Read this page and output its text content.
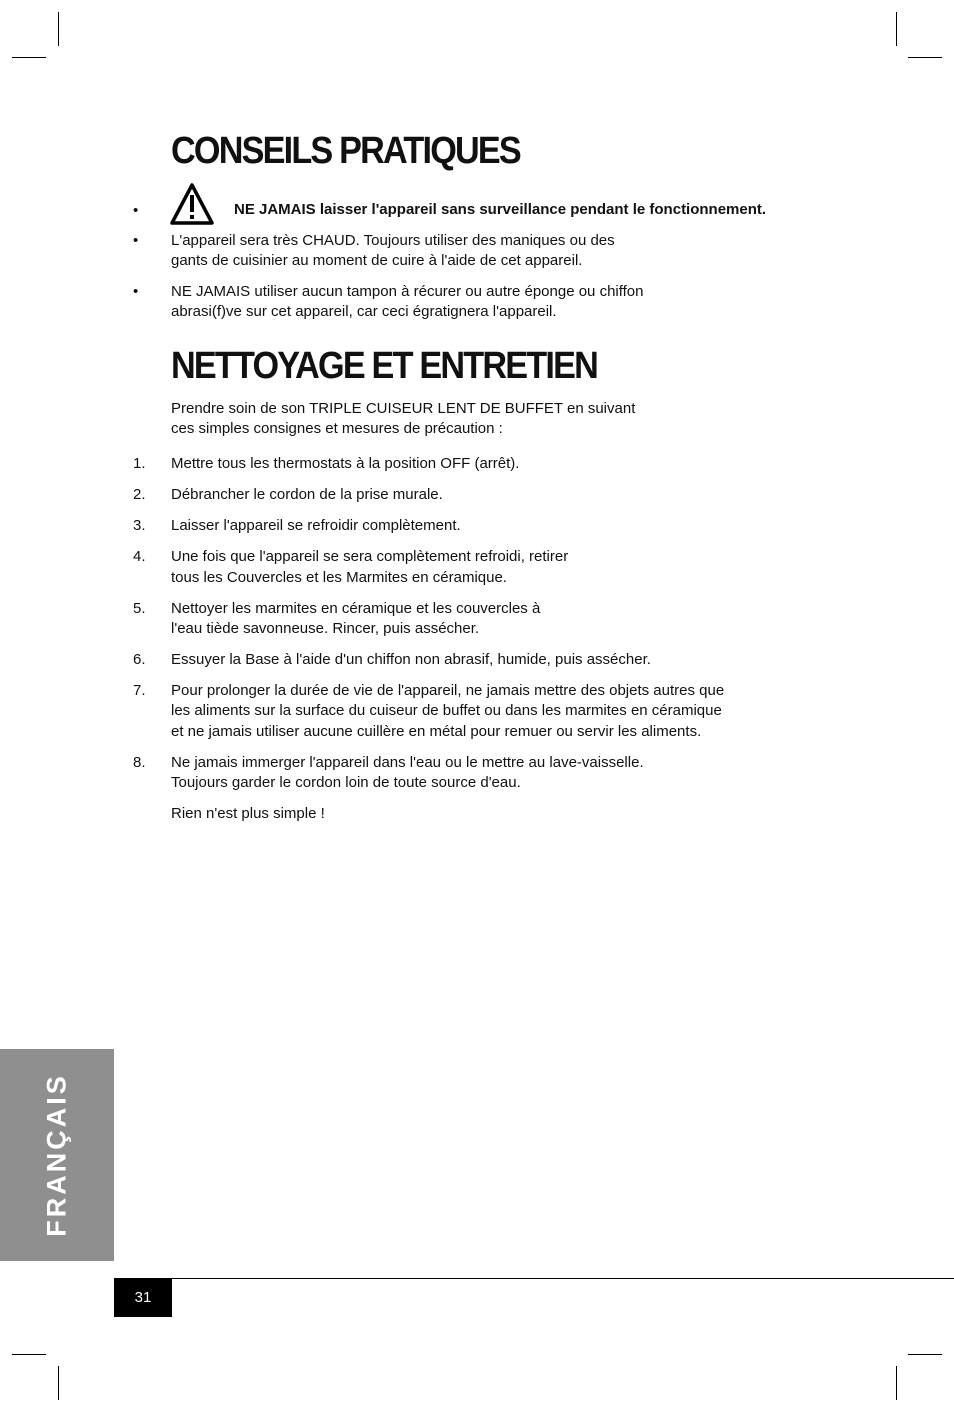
CONSEILS PRATIQUES
•	NE JAMAIS laisser l'appareil sans surveillance pendant le fonctionnement.
• L'appareil sera très CHAUD. Toujours utiliser des maniques ou des
gants de cuisinier au moment de cuire à l'aide de cet appareil.
• NE JAMAIS utiliser aucun tampon à récurer ou autre éponge ou chiffon
abrasi(f)ve sur cet appareil, car ceci égratignera l'appareil.
NETTOYAGE ET ENTRETIEN
Prendre soin de son TRIPLE CUISEUR LENT DE BUFFET en suivant
ces simples consignes et mesures de précaution :
1. Mettre tous les thermostats à la position OFF (arrêt).
2. Débrancher le cordon de la prise murale.
3. Laisser l'appareil se refroidir complètement.
4. Une fois que l'appareil se sera complètement refroidi, retirer
tous les Couvercles et les Marmites en céramique.
5. Nettoyer les marmites en céramique et les couvercles à
l'eau tiède savonneuse. Rincer, puis assécher.
6. Essuyer la Base à l'aide d'un chiffon non abrasif, humide, puis assécher.
7. Pour prolonger la durée de vie de l'appareil, ne jamais mettre des objets autres que
les aliments sur la surface du cuiseur de buffet ou dans les marmites en céramique
et ne jamais utiliser aucune cuillère en métal pour remuer ou servir les aliments.
8. Ne jamais immerger l'appareil dans l'eau ou le mettre au lave-vaisselle.
Toujours garder le cordon loin de toute source d'eau.
Rien n'est plus simple !
FRANÇAIS
31
